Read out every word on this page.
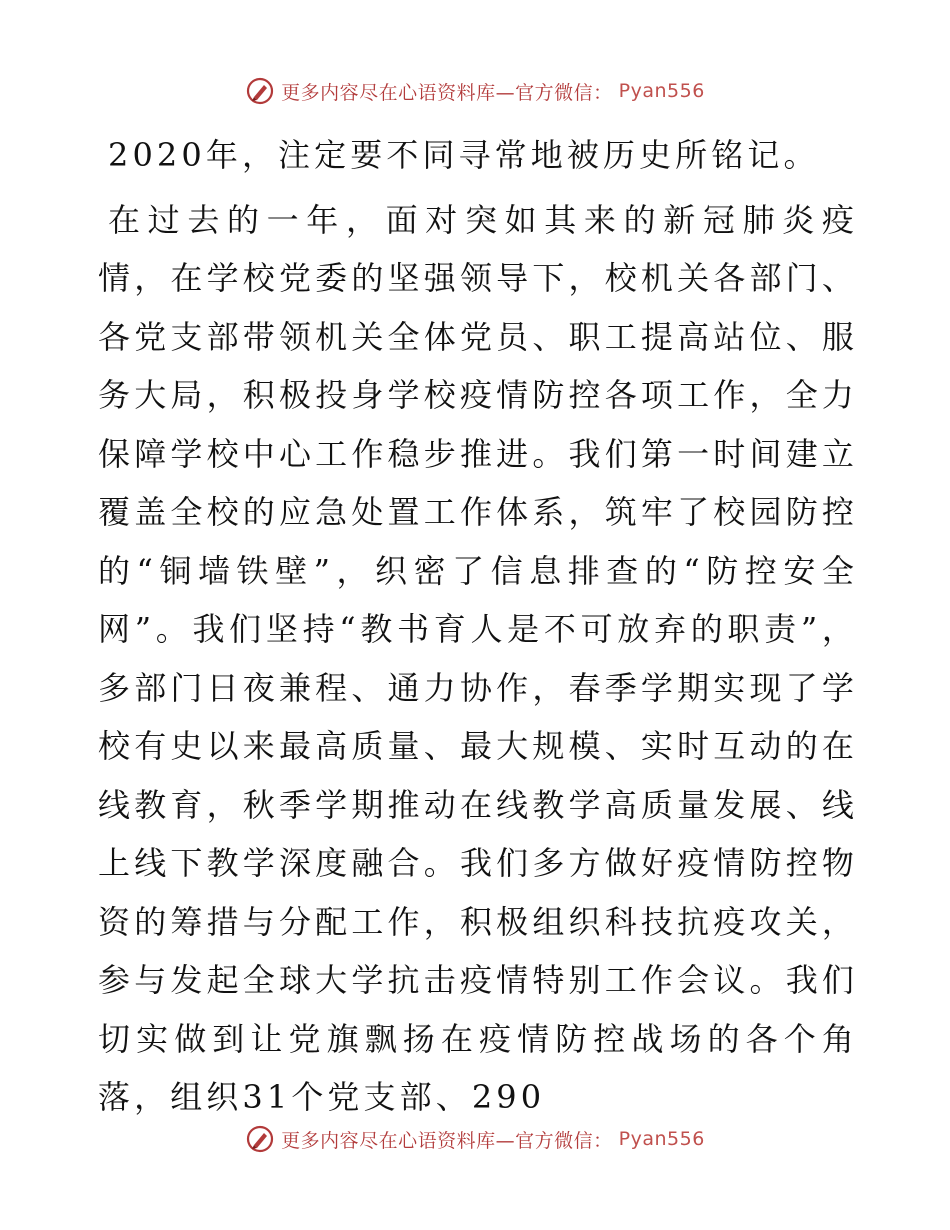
更多内容尽在心语资料库—官方微信： Pyan556

2020年，注定要不同寻常地被历史所铭记。

在过去的一年，面对突如其来的新冠肺炎疫情，在学校党委的坚强领导下，校机关各部门、各党支部带领机关全体党员、职工提高站位、服务大局，积极投身学校疫情防控各项工作，全力保障学校中心工作稳步推进。我们第一时间建立覆盖全校的应急处置工作体系，筑牢了校园防控的“铜墙铁壁”，织密了信息排查的“防控安全网”。我们坚持“教书育人是不可放弃的职责”，多部门日夜兼程、通力协作，春季学期实现了学校有史以来最高质量、最大规模、实时互动的在线教育，秋季学期推动在线教学高质量发展、线上线下教学深度融合。我们多方做好疫情防控物资的筹措与分配工作，积极组织科技抗疫攻关，参与发起全球大学抗击疫情特别工作会议。我们切实做到让党旗飘扬在疫情防控战场的各个角落，组织31个党支部、290

更多内容尽在心语资料库—官方微信： Pyan556
